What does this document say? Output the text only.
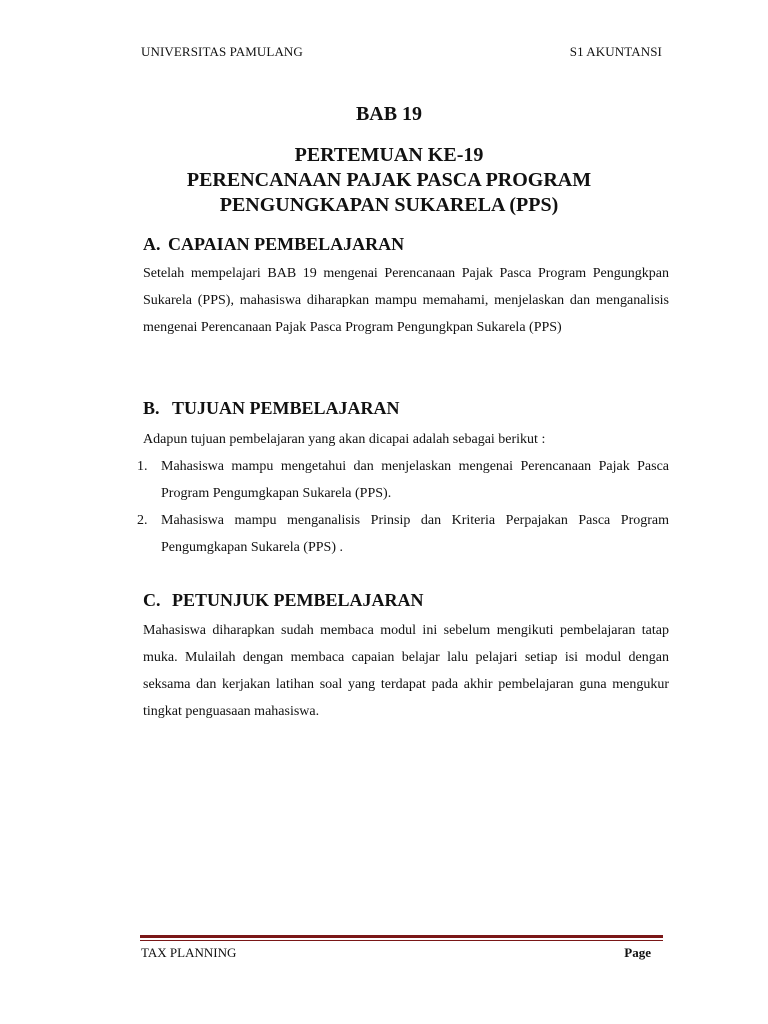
UNIVERSITAS PAMULANG	S1 AKUNTANSI
BAB 19
PERTEMUAN KE-19
PERENCANAAN PAJAK PASCA PROGRAM
PENGUNGKAPAN SUKARELA (PPS)
A. CAPAIAN PEMBELAJARAN

Setelah mempelajari BAB 19 mengenai Perencanaan Pajak Pasca Program Pengungkpan Sukarela (PPS), mahasiswa diharapkan mampu memahami, menjelaskan dan menganalisis mengenai Perencanaan Pajak Pasca Program Pengungkpan Sukarela (PPS)

B. TUJUAN PEMBELAJARAN

Adapun tujuan pembelajaran yang akan dicapai adalah sebagai berikut :

1. Mahasiswa mampu mengetahui dan menjelaskan mengenai Perencanaan Pajak Pasca Program Pengumgkapan Sukarela (PPS).
2. Mahasiswa mampu menganalisis Prinsip dan Kriteria Perpajakan Pasca Program Pengumgkapan Sukarela (PPS) .
C. PETUNJUK PEMBELAJARAN

Mahasiswa diharapkan sudah membaca modul ini sebelum mengikuti pembelajaran tatap muka. Mulailah dengan membaca capaian belajar lalu pelajari setiap isi modul dengan seksama dan kerjakan latihan soal yang terdapat pada akhir pembelajaran guna mengukur tingkat penguasaan mahasiswa.

TAX PLANNING	Page
